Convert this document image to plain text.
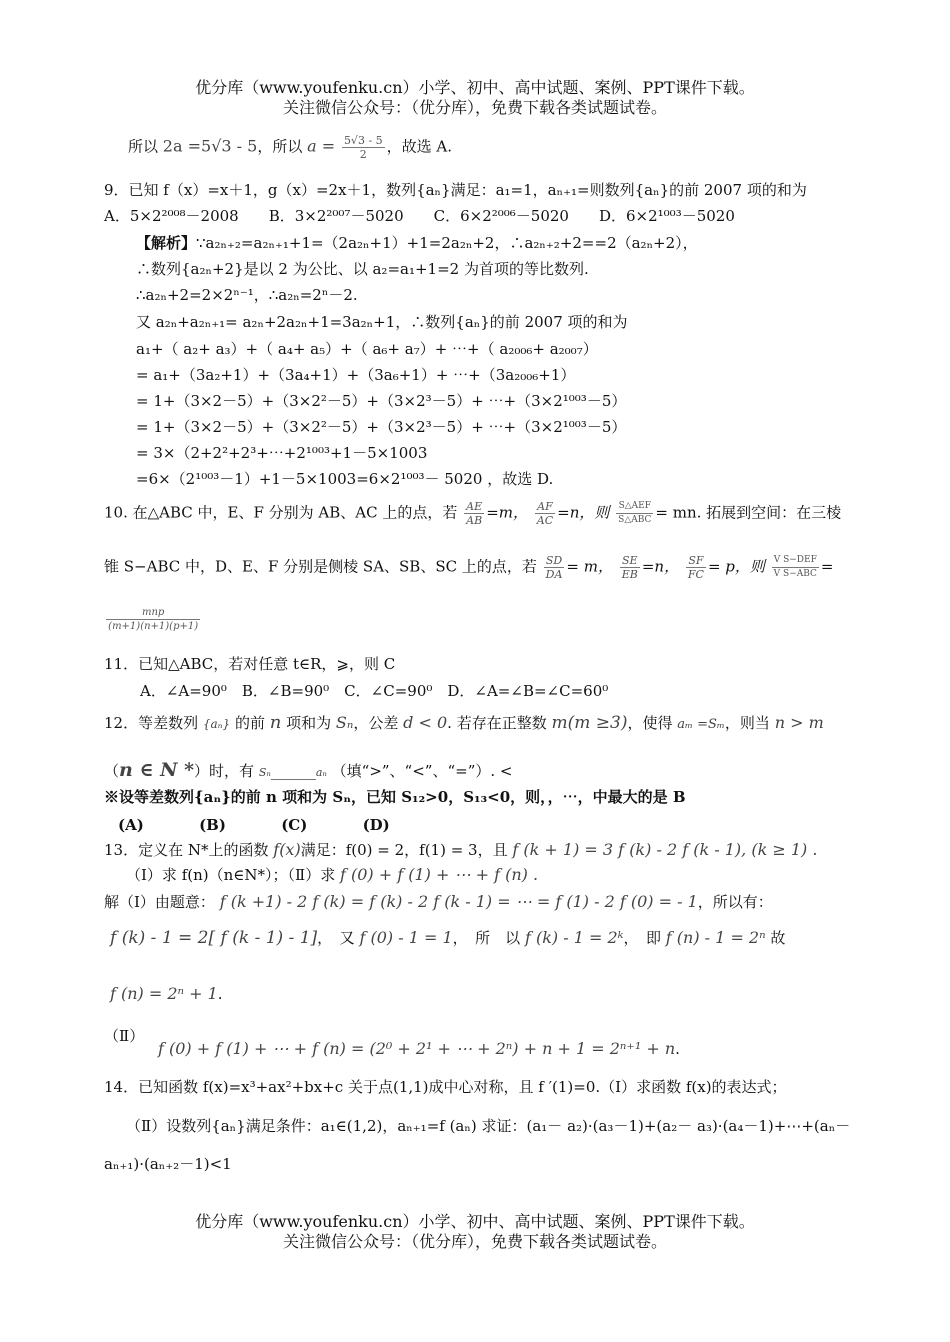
优分库（www.youfenku.cn）小学、初中、高中试题、案例、PPT课件下载。
关注微信公众号：（优分库），免费下载各类试题试卷。
所以 2a =5√3 - 5，所以 $a = \frac{5√3 - 5}{2}$ ，故选 A.
9．已知 f（x）=x＋1，g（x）=2x＋1，数列{aₙ}满足：a₁=1，aₙ₊₁=则数列{aₙ}的前 2007 项的和为
A．5×2²⁰⁰⁸－2008　　B．3×2²⁰⁰⁷－5020　　C．6×2²⁰⁰⁶－5020　　D．6×2¹⁰⁰³－5020
【解析】∵a₂ₙ₊₂=a₂ₙ₊₁+1=（2a₂ₙ+1）+1=2a₂ₙ+2，∴a₂ₙ₊₂+2==2（a₂ₙ+2），
∴数列{a₂ₙ+2}是以 2 为公比、以 a₂=a₁+1=2 为首项的等比数列.
∴a₂ₙ+2=2×2ⁿ⁻¹，∴a₂ₙ=2ⁿ－2.
又 a₂ₙ+a₂ₙ₊₁= a₂ₙ+2a₂ₙ+1=3a₂ₙ+1，∴数列{aₙ}的前 2007 项的和为
a₁+（ a₂+ a₃）+（ a₄+ a₅）+（ a₆+ a₇）+ ⋯+（ a₂₀₀₆+ a₂₀₀₇）
= a₁+（3a₂+1）+（3a₄+1）+（3a₆+1）+ ⋯+（3a₂₀₀₆+1）
= 1+（3×2－5）+（3×2²－5）+（3×2³－5）+ ⋯+（3×2¹⁰⁰³－5）
= 1+（3×2－5）+（3×2²－5）+（3×2³－5）+ ⋯+（3×2¹⁰⁰³－5）
= 3×（2+2²+2³+⋯+2¹⁰⁰³+1－5×1003
=6×（2¹⁰⁰³－1）+1－5×1003=6×2¹⁰⁰³－ 5020 ，故选 D.
10. 在△ABC 中，E、F 分别为 AB、AC 上的点，若 $\frac{AE}{AB} =m$， $\frac{AF}{AC} =n$，则 S△AEF
S△ABC = mn. 拓展到空间：在三棱
锥 S−ABC 中，D、E、F 分别是侧棱 SA、SB、SC 上的点，若 $\frac{SD}{DA} = m$， $\frac{SE}{EB} =n$， $\frac{SF}{FC} = p$，则 V S−DEF
V S−ABC =
mnp
(m+1)(n+1)(p+1)
11．已知△ABC，若对任意 t∈R，⩾，则 C
A．∠A=90⁰　B．∠B=90⁰　C．∠C=90⁰　D．∠A=∠B=∠C=60⁰
12．等差数列 {aₙ} 的前 n 项和为 Sₙ，公差 d < 0. 若存在正整数 m(m ≥3)，使得 aₘ =Sₘ，则当 n > m
（n ∈ N *）时，有 Sₙ______aₙ （填“>”、“<”、“=”）. <
※设等差数列{aₙ}的前 n 项和为 Sₙ，已知 S₁₂>0，S₁₃<0，则，，⋯，中最大的是 B
(A)	(B)	(C)	(D)
13．定义在 N*上的函数 f(x)满足：f(0) = 2，f(1) = 3，且 f (k + 1) = 3 f (k) - 2 f (k - 1), (k ≥ 1) .
（Ⅰ）求 f(n)（n∈N*）；（Ⅱ）求 f (0) + f (1) + ⋯ + f (n) .
解（Ⅰ）由题意： f (k +1) - 2 f (k) = f (k) - 2 f (k - 1) = ⋯ = f (1) - 2 f (0) = - 1，所以有：
f (k) - 1 = 2[ f (k - 1) - 1]，　又 f (0) - 1 = 1，　所　以 f (k) - 1 = 2ᵏ，　即 f (n) - 1 = 2ⁿ 故
f (n) = 2ⁿ + 1.
（Ⅱ）
f (0) + f (1) + ⋯ + f (n) = (2⁰ + 2¹ + ⋯ + 2ⁿ) + n + 1 = 2ⁿ⁺¹ + n.
14．已知函数 f(x)=x³+ax²+bx+c 关于点(1,1)成中心对称，且 f ′(1)=0.（Ⅰ）求函数 f(x)的表达式；
（Ⅱ）设数列{aₙ}满足条件：a₁∈(1,2)，aₙ₊₁=f (aₙ) 求证：(a₁－ a₂)·(a₃－1)+(a₂－ a₃)·(a₄－1)+⋯+(aₙ－
aₙ₊₁)·(aₙ₊₂－1)<1
优分库（www.youfenku.cn）小学、初中、高中试题、案例、PPT课件下载。
关注微信公众号：（优分库），免费下载各类试题试卷。
